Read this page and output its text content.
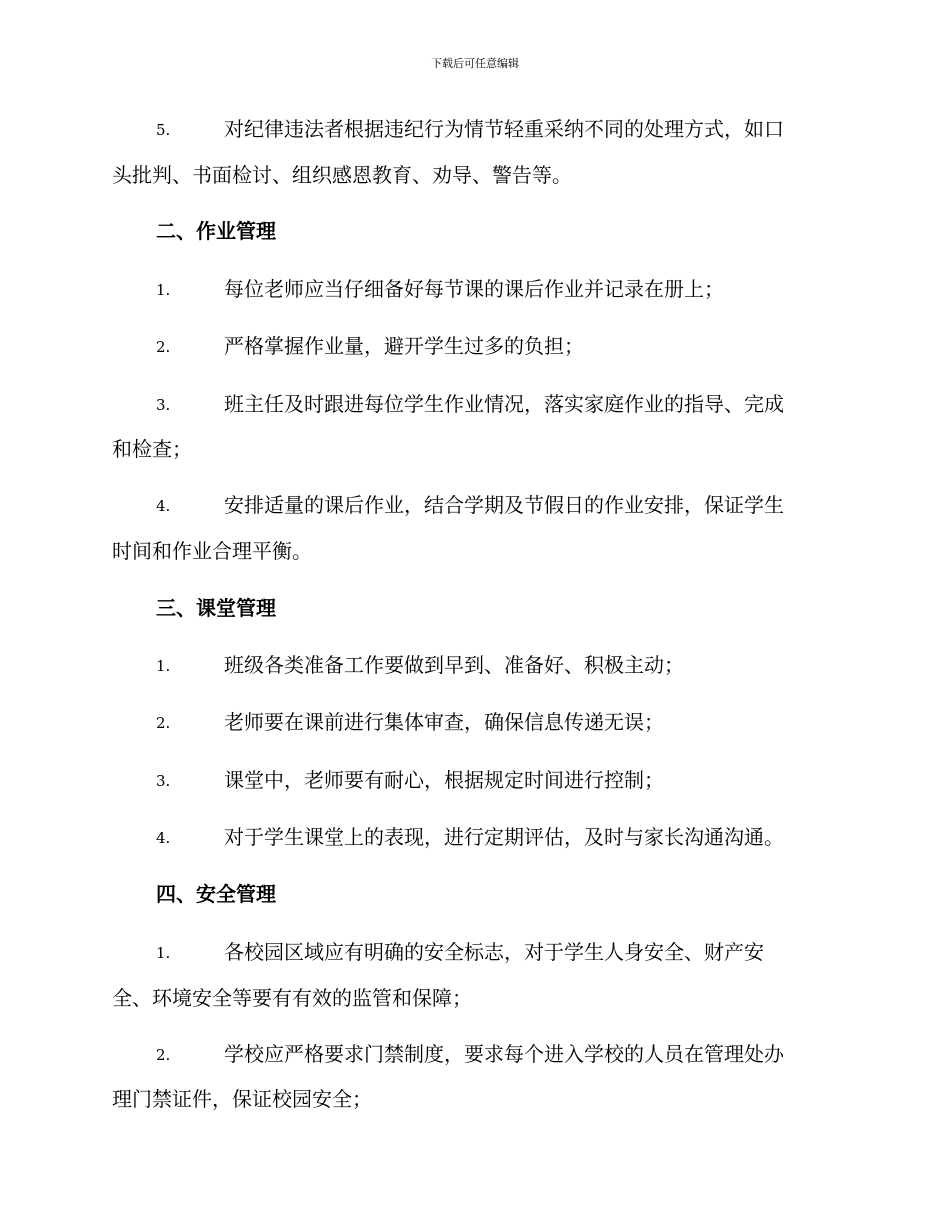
下载后可任意编辑
5.	对纪律违法者根据违纪行为情节轻重采纳不同的处理方式，如口
头批判、书面检讨、组织感恩教育、劝导、警告等。
二、作业管理
1.	每位老师应当仔细备好每节课的课后作业并记录在册上；
2.	严格掌握作业量，避开学生过多的负担；
3.	班主任及时跟进每位学生作业情况，落实家庭作业的指导、完成
和检查；
4.	安排适量的课后作业，结合学期及节假日的作业安排，保证学生
时间和作业合理平衡。
三、课堂管理
1.	班级各类准备工作要做到早到、准备好、积极主动；
2.	老师要在课前进行集体审查，确保信息传递无误；
3.	课堂中，老师要有耐心，根据规定时间进行控制；
4.	对于学生课堂上的表现，进行定期评估，及时与家长沟通沟通。
四、安全管理
1.	各校园区域应有明确的安全标志，对于学生人身安全、财产安
全、环境安全等要有有效的监管和保障；
2.	学校应严格要求门禁制度，要求每个进入学校的人员在管理处办
理门禁证件，保证校园安全；
